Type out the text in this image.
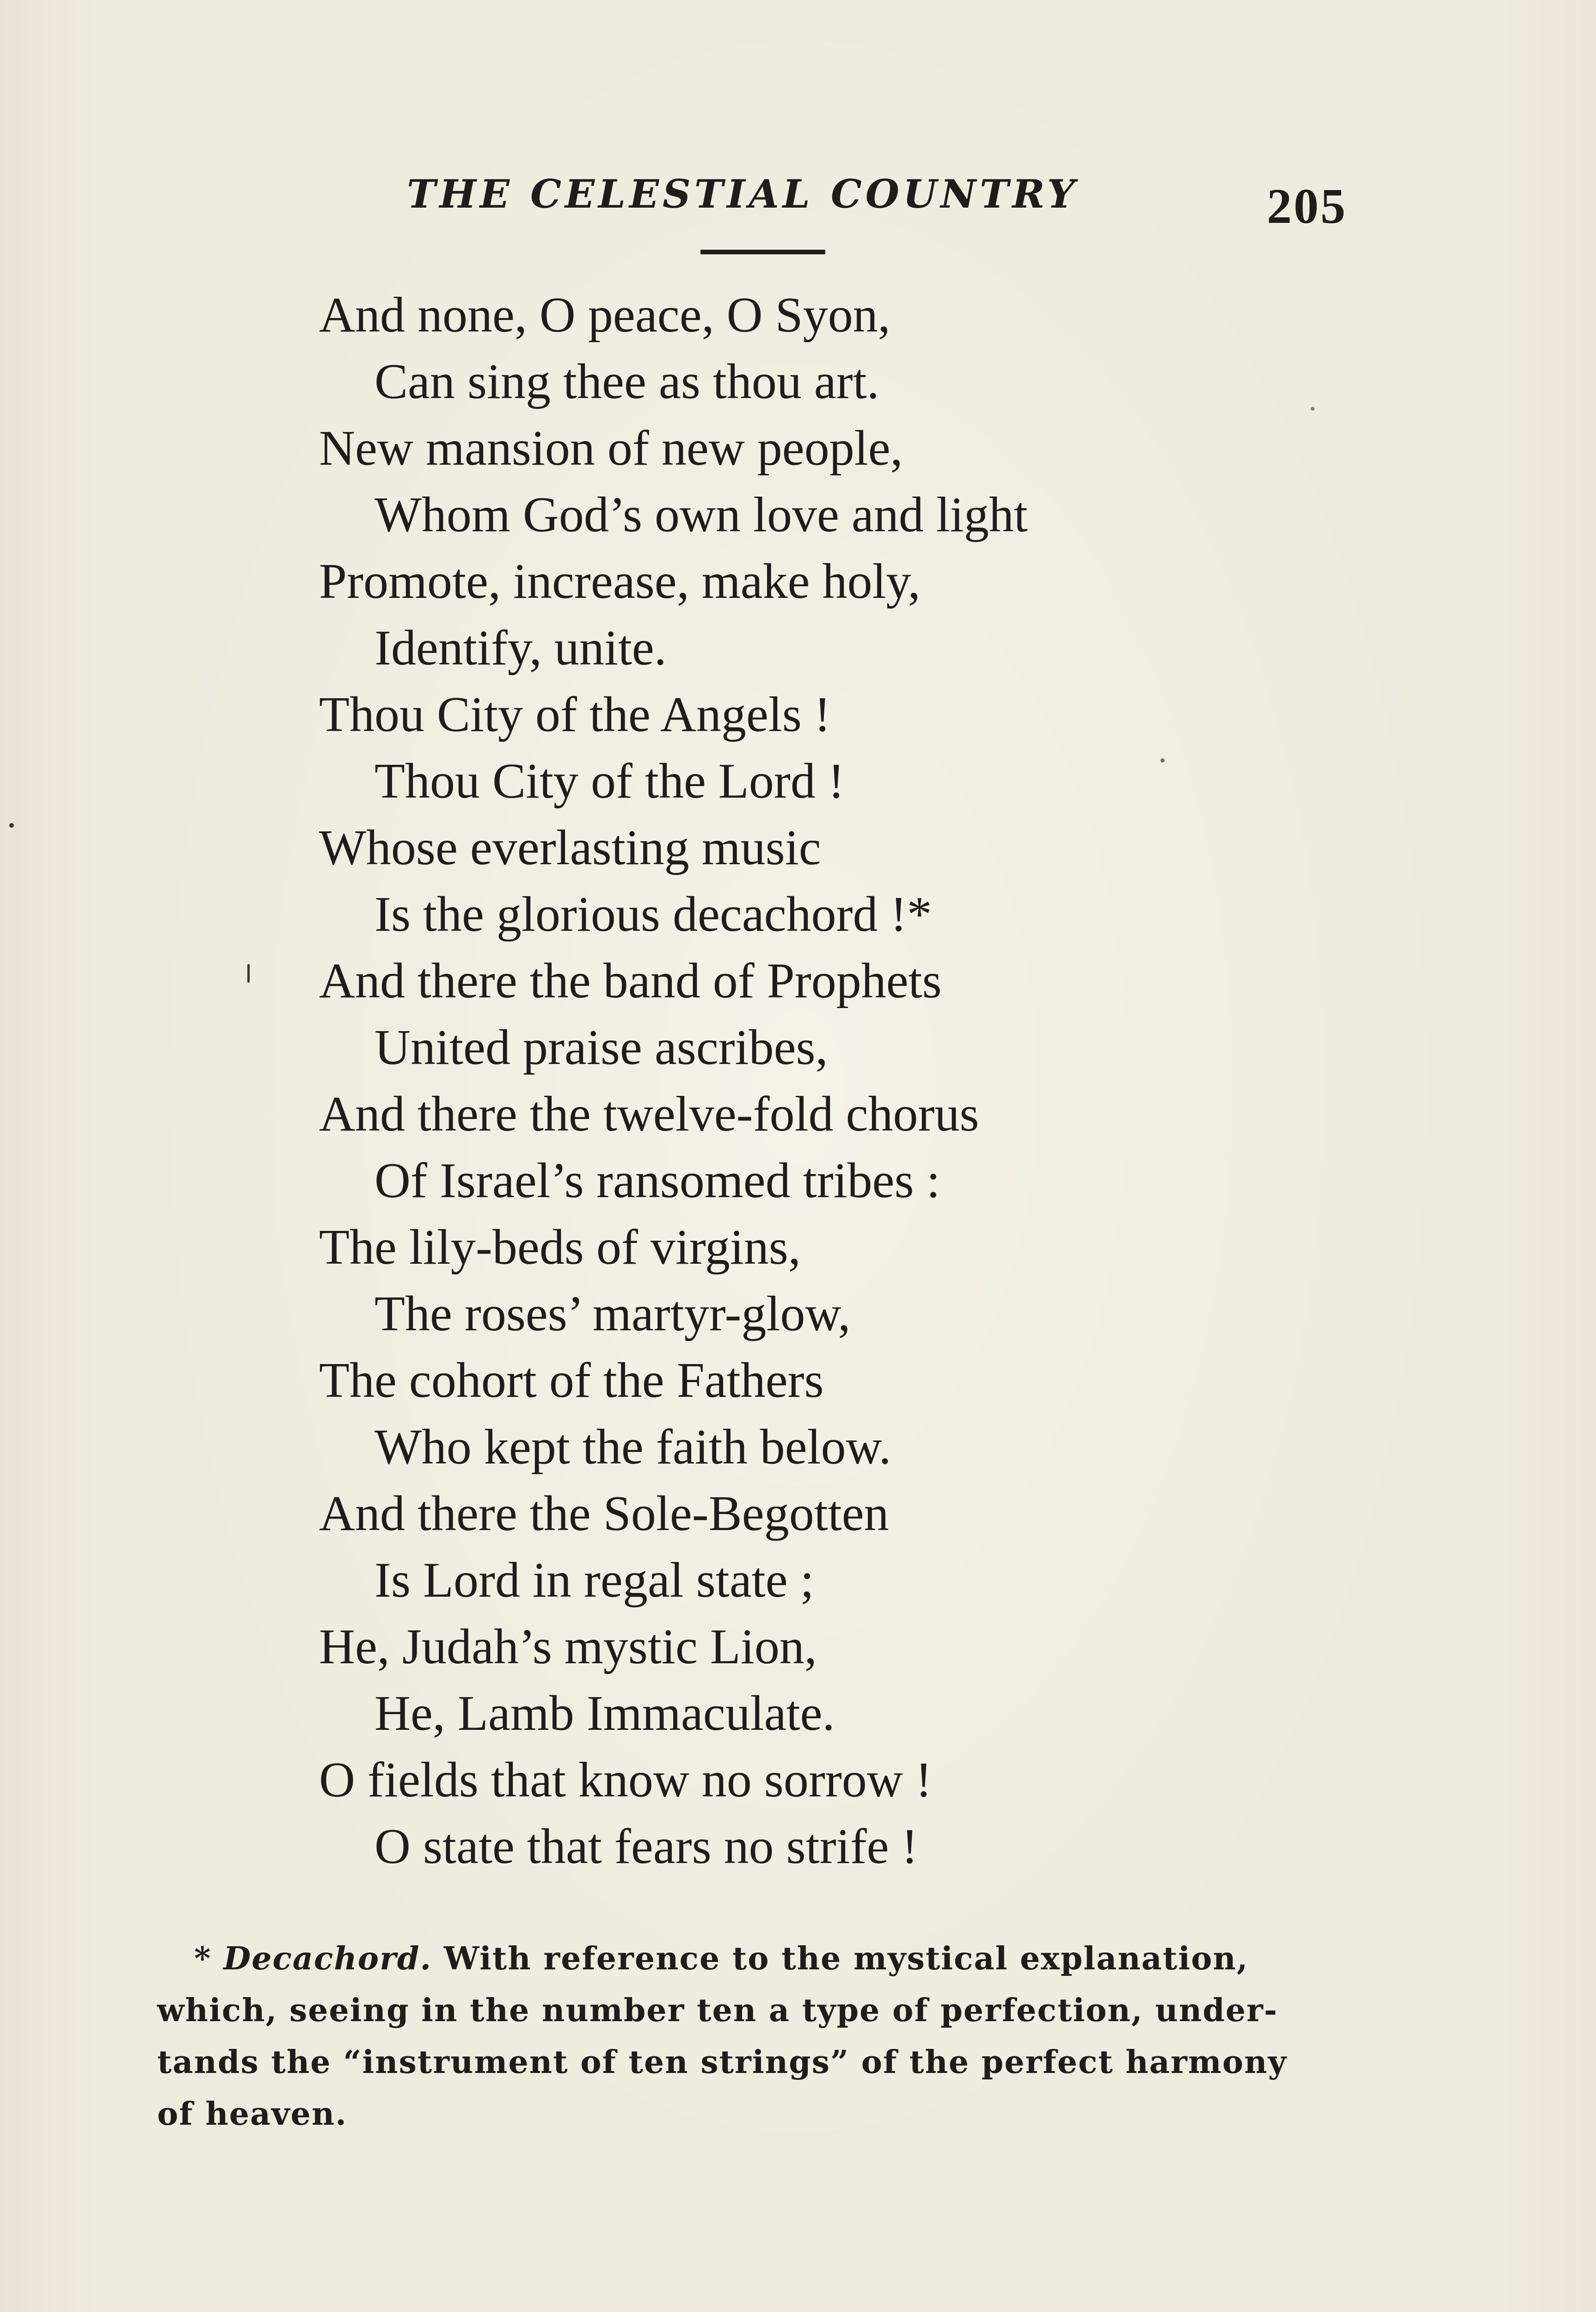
THE CELESTIAL COUNTRY	205
And none, O peace, O Syon,
Can sing thee as thou art.
New mansion of new people,
Whom God’s own love and light
Promote, increase, make holy,
Identify, unite.
Thou City of the Angels !
Thou City of the Lord !
Whose everlasting music
Is the glorious decachord !*
And there the band of Prophets
United praise ascribes,
And there the twelve-fold chorus
Of Israel’s ransomed tribes :
The lily-beds of virgins,
The roses’ martyr-glow,
The cohort of the Fathers
Who kept the faith below.
And there the Sole-Begotten
Is Lord in regal state ;
He, Judah’s mystic Lion,
He, Lamb Immaculate.
O fields that know no sorrow !
O state that fears no strife !
* Decachord. With reference to the mystical explanation,
which, seeing in the number ten a type of perfection, under-
tands the “instrument of ten strings” of the perfect harmony
of heaven.
